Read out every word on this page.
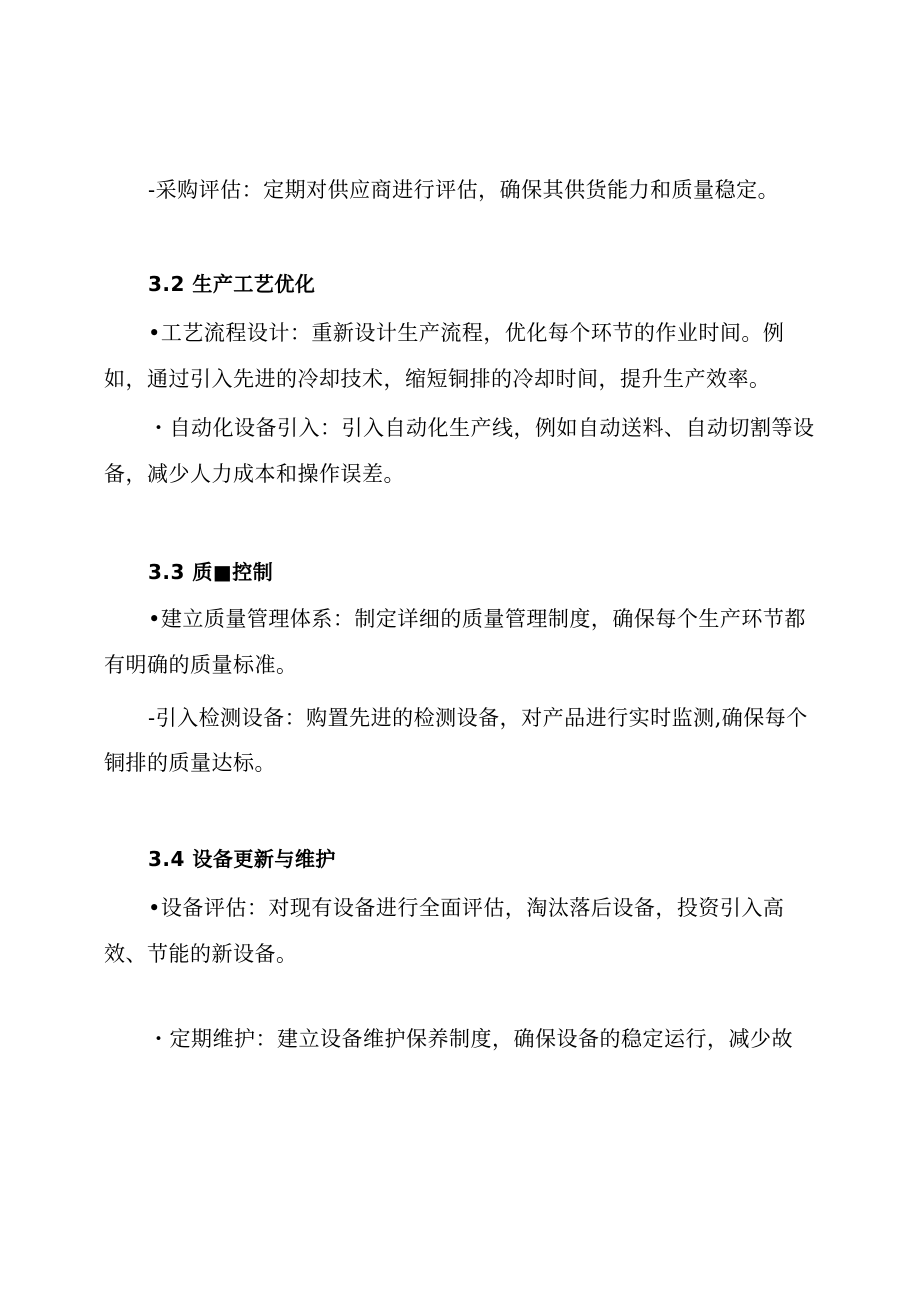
-采购评估：定期对供应商进行评估，确保其供货能力和质量稳定。
3.2 生产工艺优化
•工艺流程设计：重新设计生产流程，优化每个环节的作业时间。例
如，通过引入先进的冷却技术，缩短铜排的冷却时间，提升生产效率。
・自动化设备引入：引入自动化生产线，例如自动送料、自动切割等设
备，减少人力成本和操作误差。
3.3 质■控制
•建立质量管理体系：制定详细的质量管理制度，确保每个生产环节都
有明确的质量标准。
-引入检测设备：购置先进的检测设备，对产品进行实时监测,确保每个
铜排的质量达标。
3.4 设备更新与维护
•设备评估：对现有设备进行全面评估，淘汰落后设备，投资引入高
效、节能的新设备。
・定期维护：建立设备维护保养制度，确保设备的稳定运行，减少故
